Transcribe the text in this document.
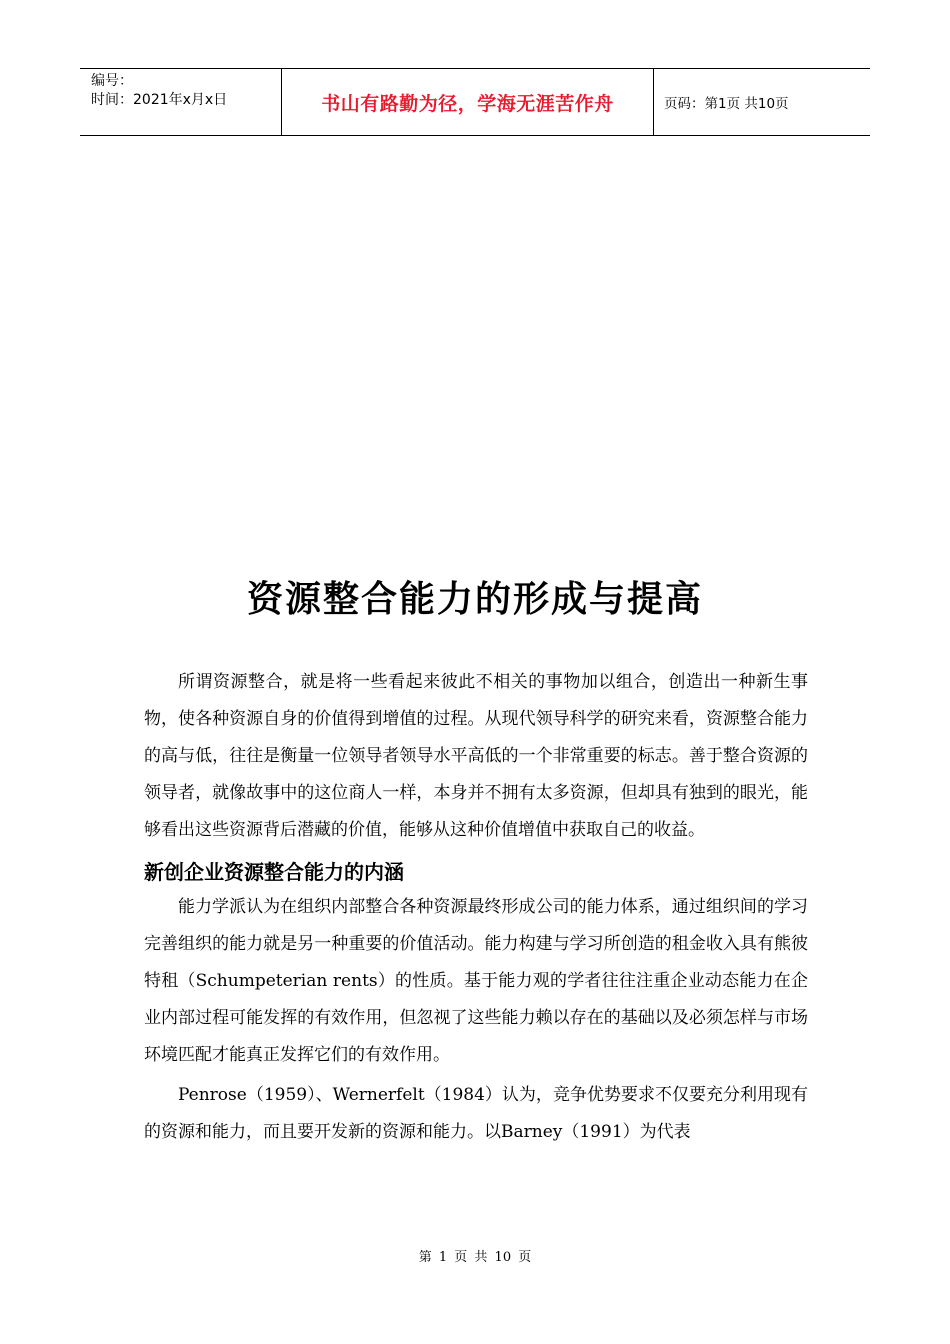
编号：
时间：2021年x月x日	书山有路勤为径，学海无涯苦作舟	页码：第1页 共10页
资源整合能力的形成与提高

所谓资源整合，就是将一些看起来彼此不相关的事物加以组合，创造出一种新生事物，使各种资源自身的价值得到增值的过程。从现代领导科学的研究来看，资源整合能力的高与低，往往是衡量一位领导者领导水平高低的一个非常重要的标志。善于整合资源的领导者，就像故事中的这位商人一样，本身并不拥有太多资源，但却具有独到的眼光，能够看出这些资源背后潜藏的价值，能够从这种价值增值中获取自己的收益。

新创企业资源整合能力的内涵

能力学派认为在组织内部整合各种资源最终形成公司的能力体系，通过组织间的学习完善组织的能力就是另一种重要的价值活动。能力构建与学习所创造的租金收入具有熊彼特租（Schumpeterian rents）的性质。基于能力观的学者往往注重企业动态能力在企业内部过程可能发挥的有效作用，但忽视了这些能力赖以存在的基础以及必须怎样与市场环境匹配才能真正发挥它们的有效作用。

Penrose（1959）、Wernerfelt（1984）认为，竞争优势要求不仅要充分利用现有的资源和能力，而且要开发新的资源和能力。以Barney（1991）为代表

第 1 页 共 10 页
